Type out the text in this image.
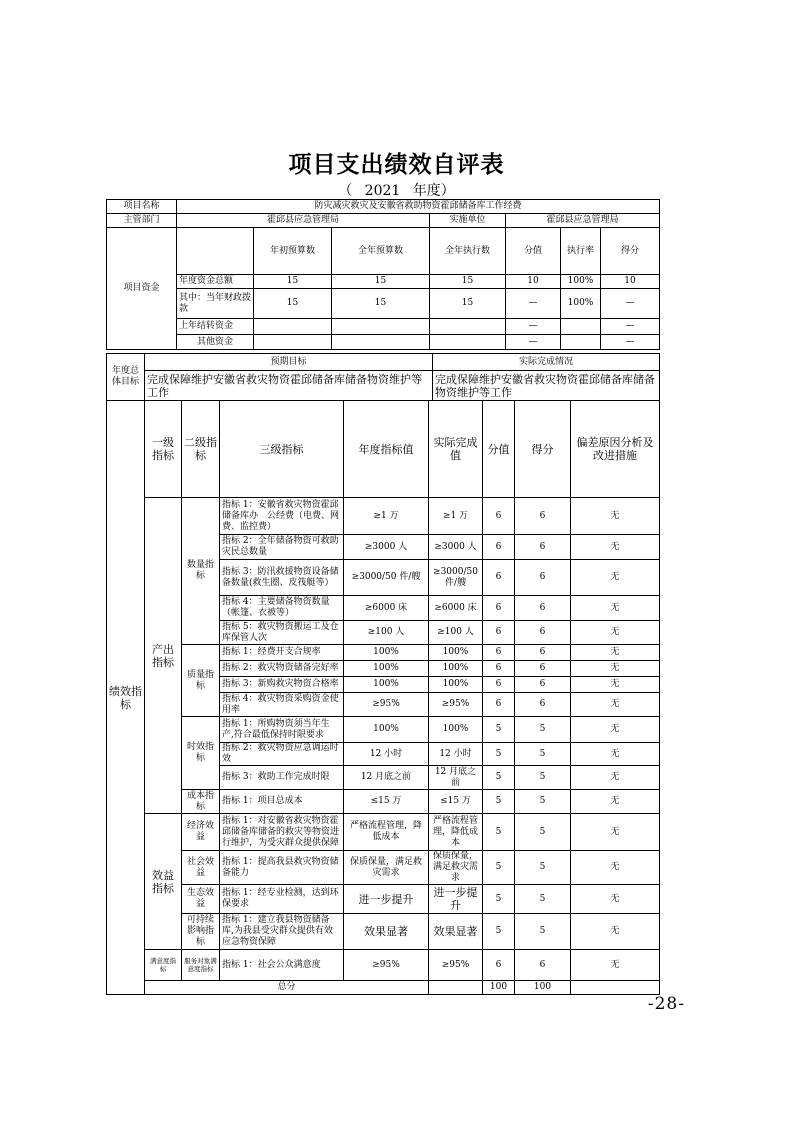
项目支出绩效自评表
（ 2021 年度）
项目名称	防灾减灾救灾及安徽省救助物资霍邱储备库工作经费						
主管部门	霍邱县应急管理局			实施单位	霍邱县应急管理局		
项目资金		年初预算数	全年预算数	全年执行数	分值	执行率	得分
	年度资金总额	15	15	15	10	100%	10
	其中：当年财政拨款	15	15	15	—	100%	—
	上年结转资金				—		—
	其他资金				—		—
年度总体目标	预期目标	实际完成情况
	完成保障维护安徽省救灾物资霍邱储备库储备物资维护等工作	完成保障维护安徽省救灾物资霍邱储备库储备物资维护等工作
绩效指标	一级指标	二级指标	三级指标	年度指标值	实际完成值	分值	得分	偏差原因分析及改进措施
	产出指标	数量指标	指标 1：安徽省救灾物资霍邱储备库办　公经费（电费、网费、监控费）	≥1 万	≥1 万	6	6	无
			指标 2：全年储备物资可救助灾民总数量	≥3000 人	≥3000 人	6	6	无
			指标 3：防汛救援物资设备储备数量(救生圈、皮筏艇等）	≥3000/50 件/艘	≥3000/50 件/艘	6	6	无
			指标 4：主要储备物资数量（帐篷、衣被等）	≥6000 床	≥6000 床	6	6	无
			指标 5：救灾物资搬运工及仓库保管人次	≥100 人	≥100 人	6	6	无
		质量指标	指标 1：经费开支合规率	100%	100%	6	6	无
			指标 2：救灾物资储备完好率	100%	100%	6	6	无
			指标 3：新购救灾物资合格率	100%	100%	6	6	无
			指标 4：救灾物资采购资金使用率	≥95%	≥95%	6	6	无
		时效指标	指标 1：所购物资须当年生产,符合最低保持时限要求	100%	100%	5	5	无
			指标 2：救灾物资应急调运时效	12 小时	12 小时	5	5	无
			指标 3：救助工作完成时限	12 月底之前	12 月底之前	5	5	无
		成本指标	指标 1：项目总成本	≤15 万	≤15 万	5	5	无
	效益指标	经济效益	指标 1：对安徽省救灾物资霍邱储备库储备的救灾等物资进行维护，为受灾群众提供保障	严格流程管理，降低成本	严格流程管理，降低成本	5	5	无
		社会效益	指标 1：提高我县救灾物资储备能力	保质保量，满足救灾需求	保质保量，满足救灾需求	5	5	无
		生态效益	指标 1：经专业检测，达到环保要求	进一步提升	进一步提升	5	5	无
		可持续影响指标	指标 1：建立我县物资储备库,为我县受灾群众提供有效应急物资保障	效果显著	效果显著	5	5	无
	满意度指标	服务对象满意度指标	指标 1：社会公众满意度	≥95%	≥95%	6	6	无
	总分					100	100	
-28-
